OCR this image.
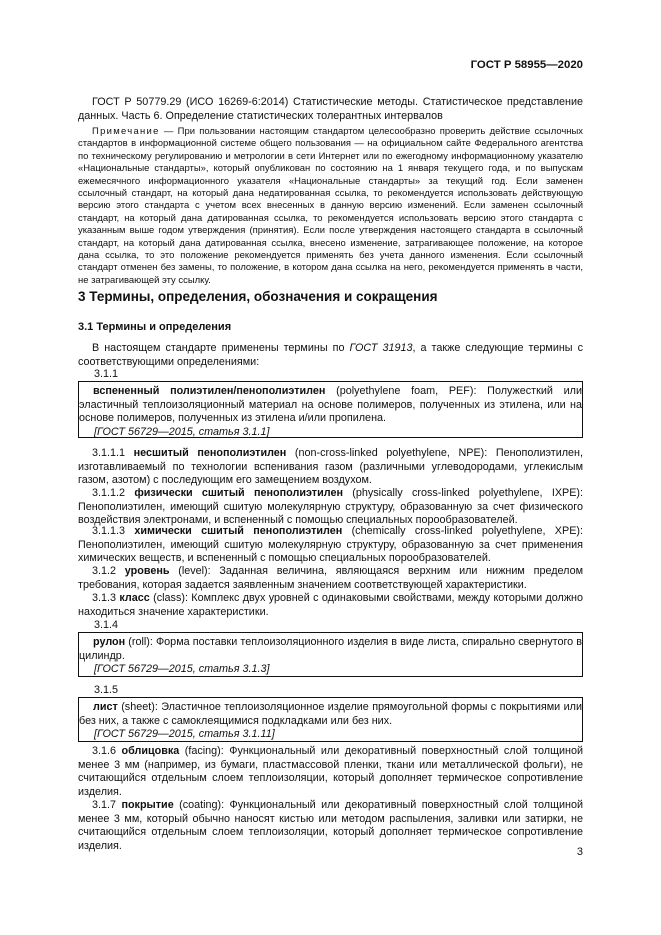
ГОСТ Р 58955—2020

ГОСТ Р 50779.29 (ИСО 16269-6:2014) Статистические методы. Статистическое представление данных. Часть 6. Определение статистических толерантных интервалов

Примечание — При пользовании настоящим стандартом целесообразно проверить действие ссылочных стандартов в информационной системе общего пользования — на официальном сайте Федерального агентства по техническому регулированию и метрологии в сети Интернет или по ежегодному информационному указателю «Национальные стандарты», который опубликован по состоянию на 1 января текущего года, и по выпускам ежемесячного информационного указателя «Национальные стандарты» за текущий год. Если заменен ссылочный стандарт, на который дана недатированная ссылка, то рекомендуется использовать действующую версию этого стандарта с учетом всех внесенных в данную версию изменений. Если заменен ссылочный стандарт, на который дана датированная ссылка, то рекомендуется использовать версию этого стандарта с указанным выше годом утверждения (принятия). Если после утверждения настоящего стандарта в ссылочный стандарт, на который дана датированная ссылка, внесено изменение, затрагивающее положение, на которое дана ссылка, то это положение рекомендуется применять без учета данного изменения. Если ссылочный стандарт отменен без замены, то положение, в котором дана ссылка на него, рекомендуется применять в части, не затрагивающей эту ссылку.

3 Термины, определения, обозначения и сокращения
3.1 Термины и определения

В настоящем стандарте применены термины по ГОСТ 31913, а также следующие термины с соответствующими определениями:

3.1.1

вспененный полиэтилен/пенополиэтилен (polyethylene foam, PEF): Полужесткий или эластичный теплоизоляционный материал на основе полимеров, полученных из этилена, или на основе полимеров, полученных из этилена и/или пропилена.

[ГОСТ 56729—2015, статья 3.1.1]

3.1.1.1 несшитый пенополиэтилен (non-cross-linked polyethylene, NPE): Пенополиэтилен, изготавливаемый по технологии вспенивания газом (различными углеводородами, углекислым газом, азотом) с последующим его замещением воздухом.

3.1.1.2 физически сшитый пенополиэтилен (physically cross-linked polyethylene, IXPE): Пенополиэтилен, имеющий сшитую молекулярную структуру, образованную за счет физического воздействия электронами, и вспененный с помощью специальных порообразователей.

3.1.1.3 химически сшитый пенополиэтилен (chemically cross-linked polyethylene, XPE): Пенополиэтилен, имеющий сшитую молекулярную структуру, образованную за счет применения химических веществ, и вспененный с помощью специальных порообразователей.

3.1.2 уровень (level): Заданная величина, являющаяся верхним или нижним пределом требования, которая задается заявленным значением соответствующей характеристики.

3.1.3 класс (class): Комплекс двух уровней с одинаковыми свойствами, между которыми должно находиться значение характеристики.

3.1.4

рулон (roll): Форма поставки теплоизоляционного изделия в виде листа, спирально свернутого в цилиндр.

[ГОСТ 56729—2015, статья 3.1.3]

3.1.5

лист (sheet): Эластичное теплоизоляционное изделие прямоугольной формы с покрытиями или без них, а также с самоклеящимися подкладками или без них.

[ГОСТ 56729—2015, статья 3.1.11]

3.1.6 облицовка (facing): Функциональный или декоративный поверхностный слой толщиной менее 3 мм (например, из бумаги, пластмассовой пленки, ткани или металлической фольги), не считающийся отдельным слоем теплоизоляции, который дополняет термическое сопротивление изделия.

3.1.7 покрытие (coating): Функциональный или декоративный поверхностный слой толщиной менее 3 мм, который обычно наносят кистью или методом распыления, заливки или затирки, не считающийся отдельным слоем теплоизоляции, который дополняет термическое сопротивление изделия.

3
